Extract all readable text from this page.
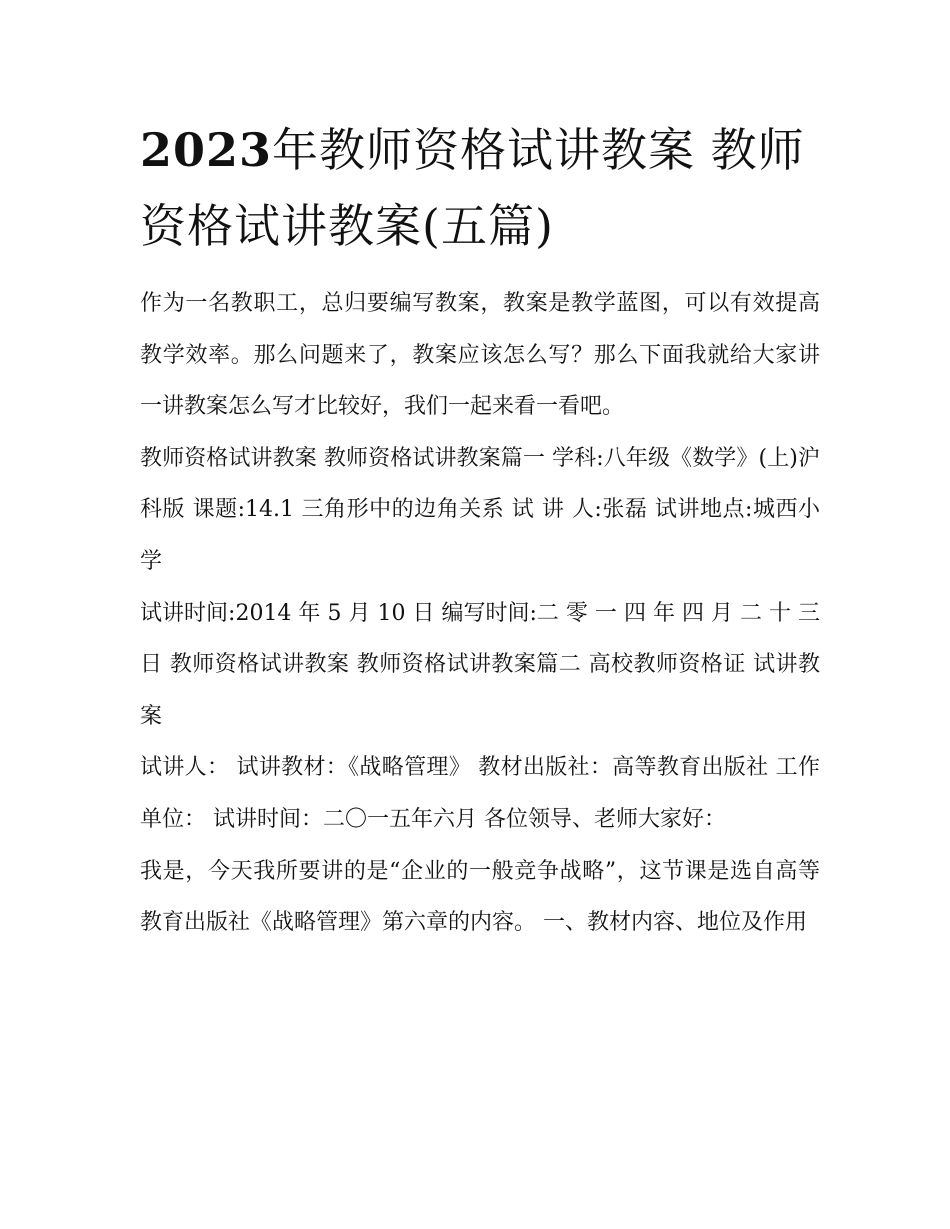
2023年教师资格试讲教案 教师资格试讲教案(五篇)

作为一名教职工，总归要编写教案，教案是教学蓝图，可以有效提高教学效率。那么问题来了，教案应该怎么写？那么下面我就给大家讲一讲教案怎么写才比较好，我们一起来看一看吧。

教师资格试讲教案 教师资格试讲教案篇一 学科:八年级《数学》(上)沪科版 课题:14.1 三角形中的边角关系 试 讲 人:张磊 试讲地点:城西小学

试讲时间:2014 年 5 月 10 日 编写时间:二 零 一 四 年 四 月 二 十 三日 教师资格试讲教案 教师资格试讲教案篇二 高校教师资格证 试讲教案

试讲人： 试讲教材：《战略管理》 教材出版社：高等教育出版社 工作单位： 试讲时间：二〇一五年六月 各位领导、老师大家好：

我是，今天我所要讲的是“企业的一般竞争战略”，这节课是选自高等教育出版社《战略管理》第六章的内容。 一、教材内容、地位及作用
